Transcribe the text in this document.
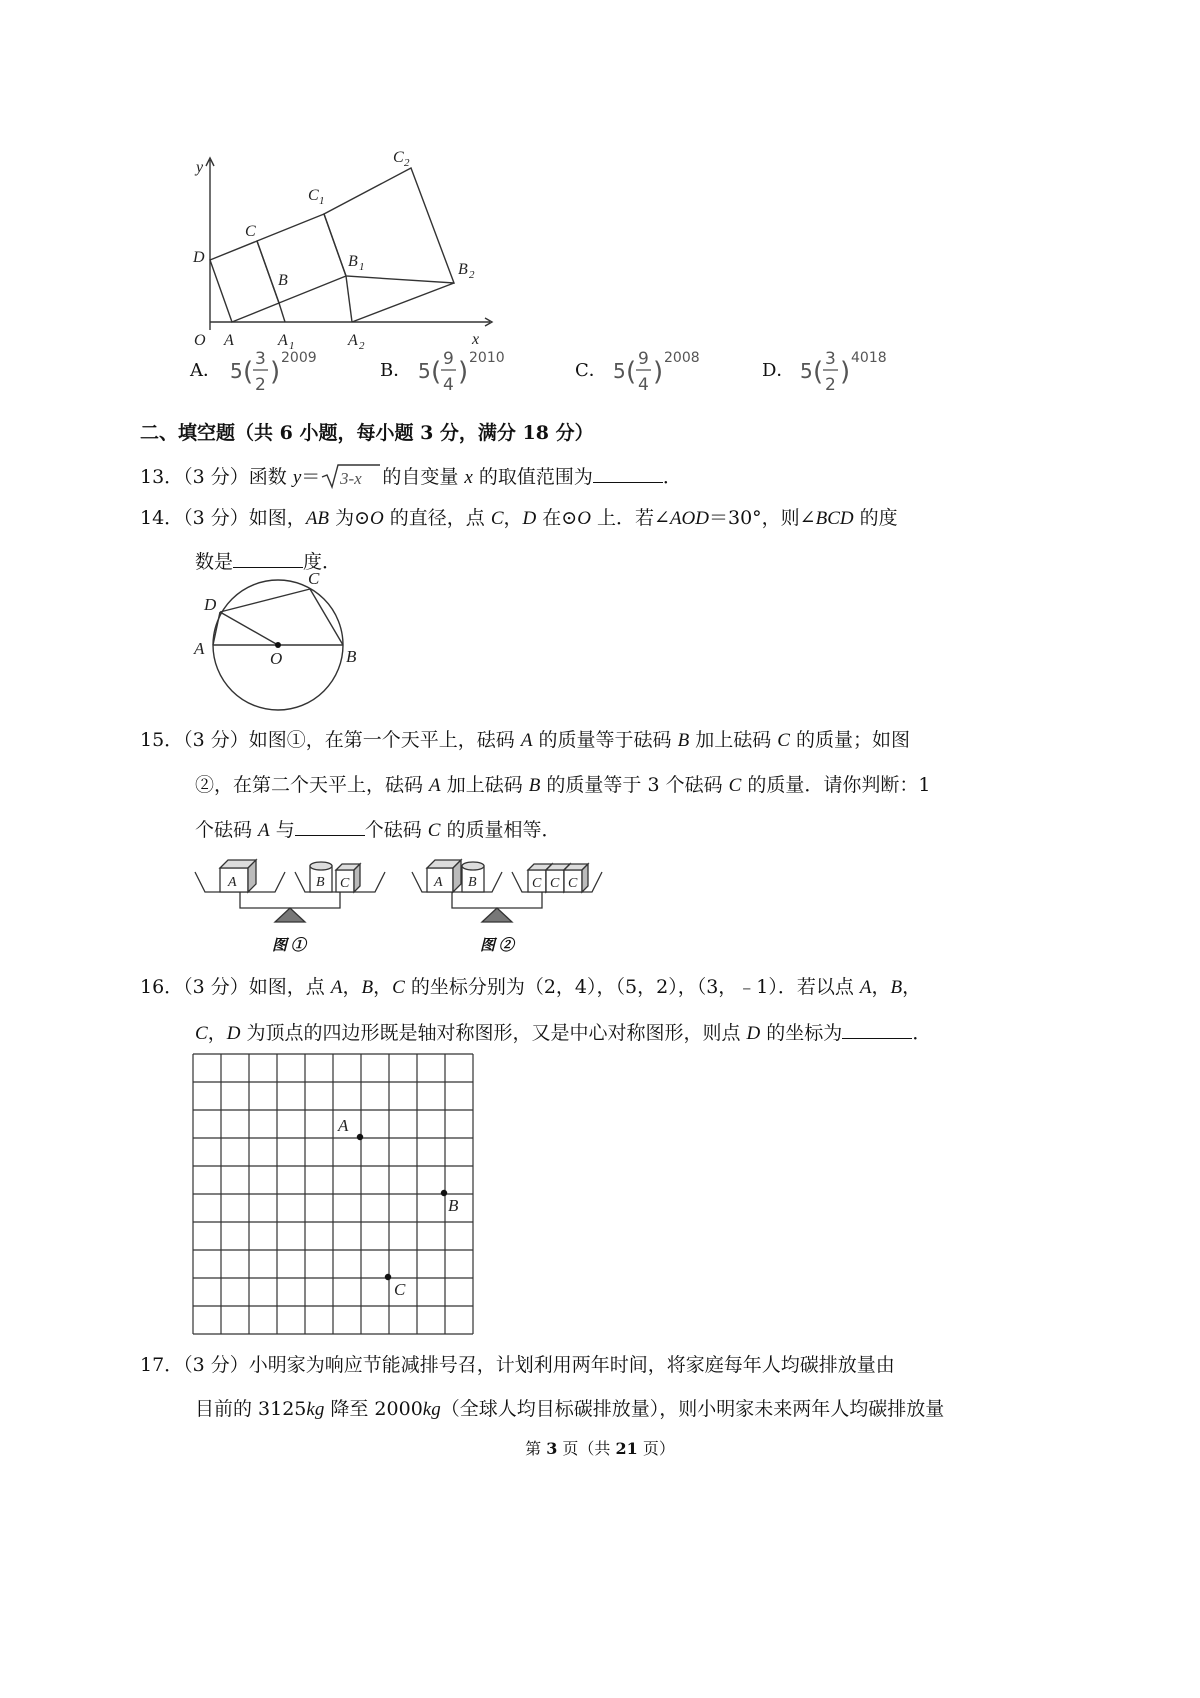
y
x
O A	A 1	A 2
D
C
B
C 1
B 1
C 2
B 2
A． 5 ( 3
2 ) 2009
B． 5 ( 9
4 ) 2010
C． 5 ( 9
4 ) 2008
D． 5 ( 3
2 ) 4018
二、填空题（共 6 小题，每小题 3 分，满分 18 分）
13．（3 分）函数 y＝ 3-x 的自变量 x 的取值范围为	．
14．（3 分）如图，AB 为⊙O 的直径，点 C，D 在⊙O 上．若∠AOD＝30°，则∠BCD 的度
数是	度．
A	B
C
D
O
15．（3 分）如图①，在第一个天平上，砝码 A 的质量等于砝码 B 加上砝码 C 的质量；如图
②，在第二个天平上，砝码 A 加上砝码 B 的质量等于 3 个砝码 C 的质量．请你判断：1
个砝码 A 与	个砝码 C 的质量相等．
A	B C	A B	C C C
图 ①	图 ②
16．（3 分）如图，点 A，B，C 的坐标分别为（2，4），（5，2），（3，﹣1）．若以点 A，B，
C，D 为顶点的四边形既是轴对称图形，又是中心对称图形，则点 D 的坐标为	．
A
B
C
17．（3 分）小明家为响应节能减排号召，计划利用两年时间，将家庭每年人均碳排放量由
目前的 3125kg 降至 2000kg（全球人均目标碳排放量），则小明家未来两年人均碳排放量
第 3 页（共 21 页）
